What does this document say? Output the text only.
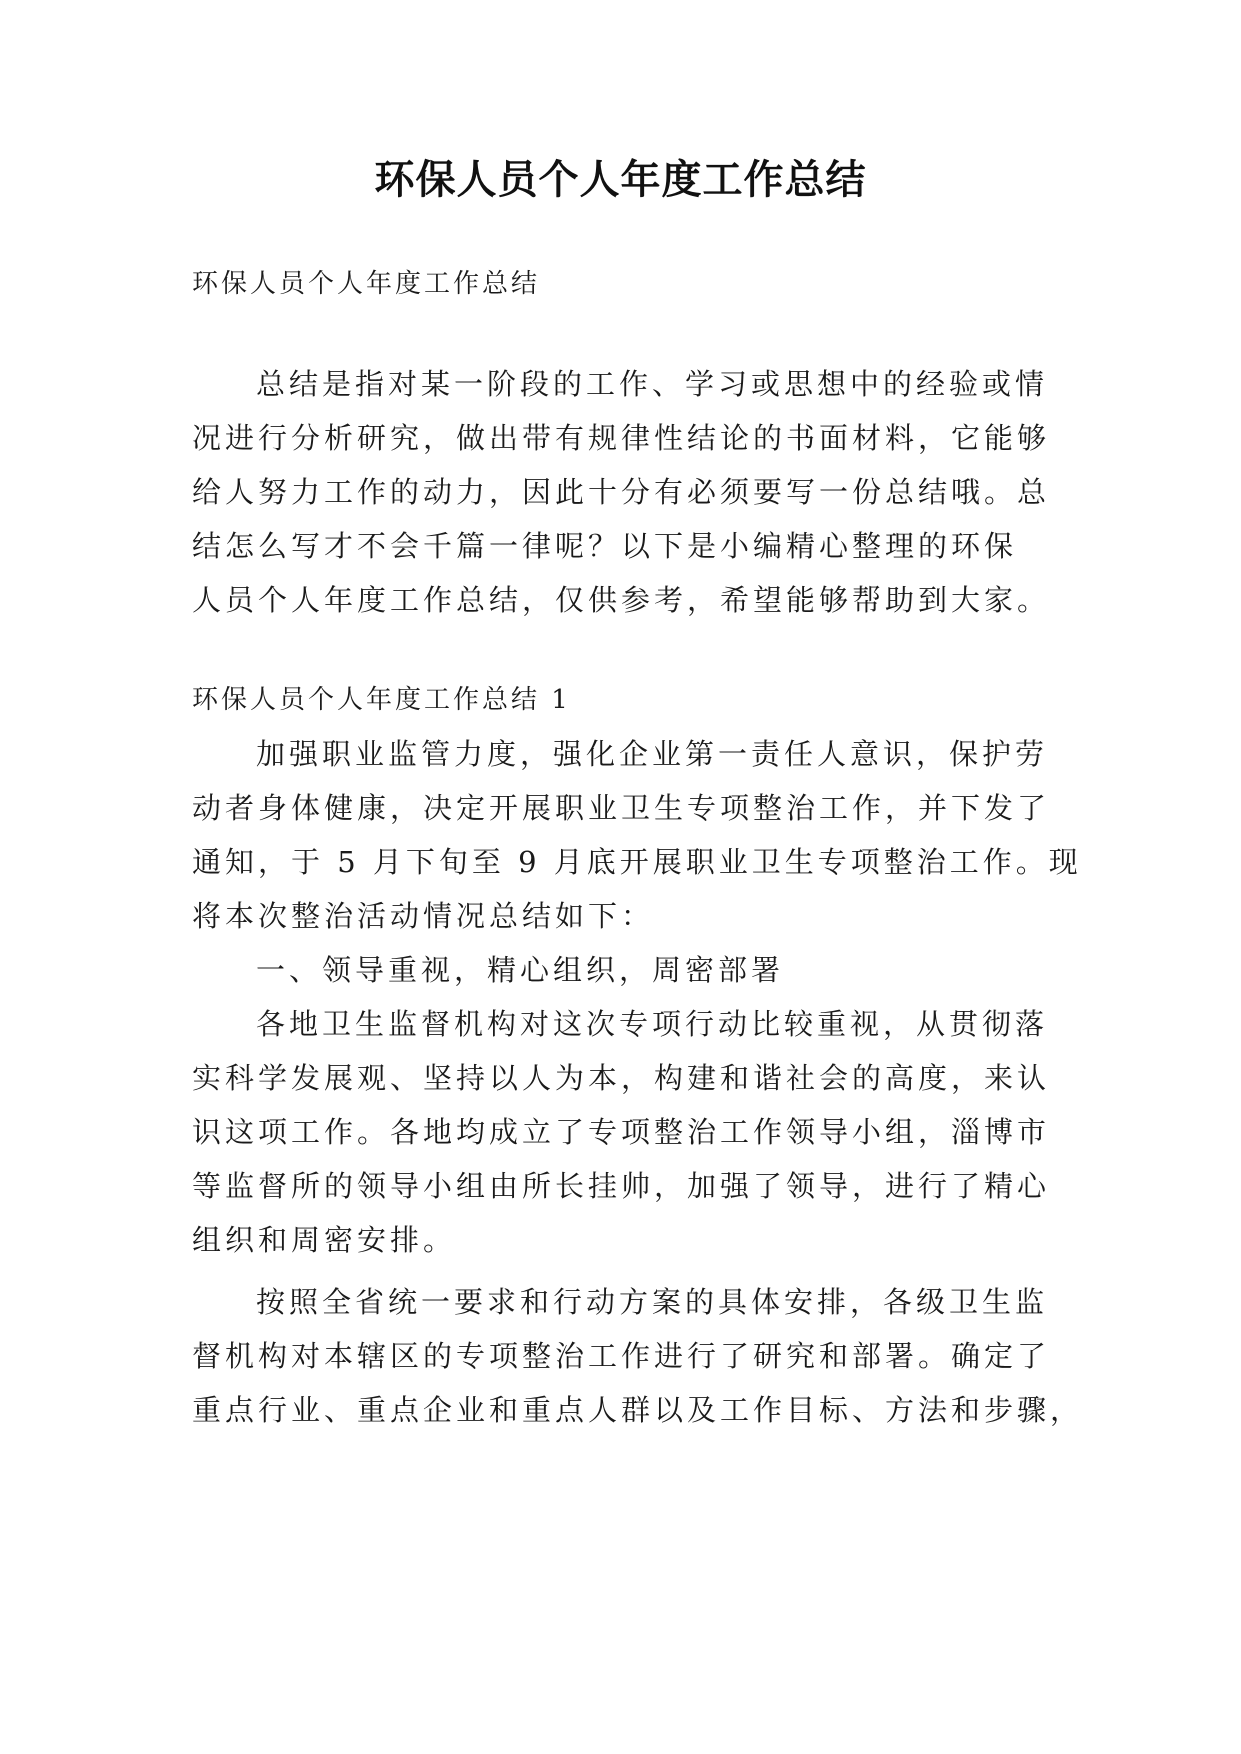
环保人员个人年度工作总结
环保人员个人年度工作总结
总结是指对某一阶段的工作、学习或思想中的经验或情
况进行分析研究，做出带有规律性结论的书面材料，它能够
给人努力工作的动力，因此十分有必须要写一份总结哦。总
结怎么写才不会千篇一律呢？以下是小编精心整理的环保
人员个人年度工作总结，仅供参考，希望能够帮助到大家。
环保人员个人年度工作总结 1
加强职业监管力度，强化企业第一责任人意识，保护劳
动者身体健康，决定开展职业卫生专项整治工作，并下发了
通知，于 5 月下旬至 9 月底开展职业卫生专项整治工作。现
将本次整治活动情况总结如下：
一、领导重视，精心组织，周密部署
各地卫生监督机构对这次专项行动比较重视，从贯彻落
实科学发展观、坚持以人为本，构建和谐社会的高度，来认
识这项工作。各地均成立了专项整治工作领导小组，淄博市
等监督所的领导小组由所长挂帅，加强了领导，进行了精心
组织和周密安排。
按照全省统一要求和行动方案的具体安排，各级卫生监
督机构对本辖区的专项整治工作进行了研究和部署。确定了
重点行业、重点企业和重点人群以及工作目标、方法和步骤，
